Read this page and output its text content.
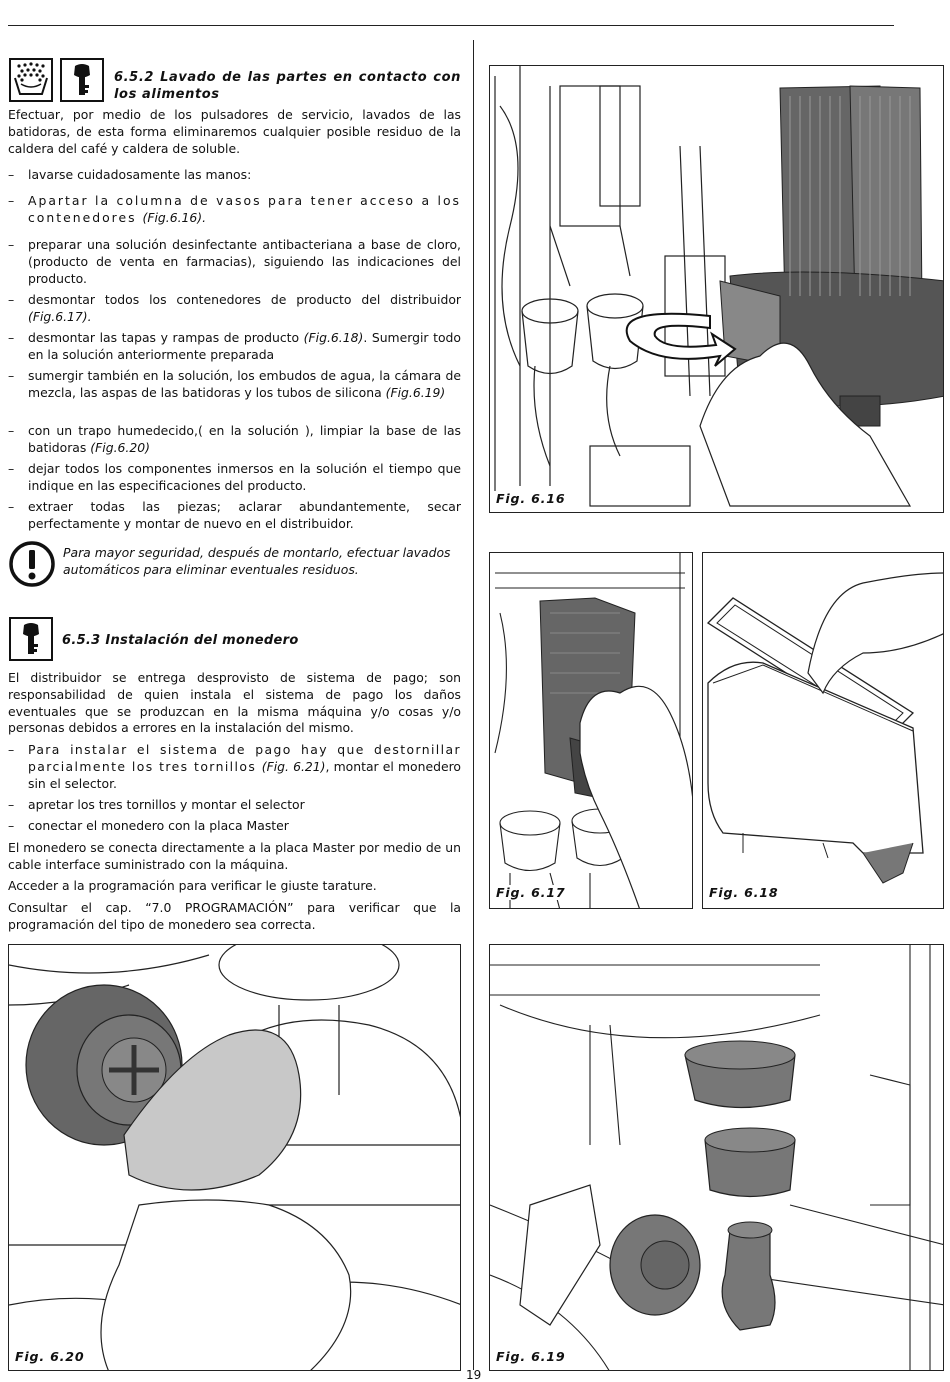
6.5.2 Lavado de las partes en contacto con los alimentos
Efectuar, por medio de los pulsadores de servicio, lavados de las batidoras, de esta forma eliminaremos cualquier posible residuo de la caldera del café y caldera de soluble.
– lavarse cuidadosamente las manos:
– Apartar la columna de vasos para tener acceso a los contenedores (Fig.6.16).
– preparar una solución desinfectante antibacteriana a base de cloro, (producto de venta en farmacias), siguiendo las indicaciones del producto.
– desmontar todos los contenedores de producto del distribuidor (Fig.6.17).
– desmontar las tapas y rampas de producto (Fig.6.18). Sumergir todo en la solución anteriormente preparada
– sumergir también en la solución, los embudos de agua, la cámara de mezcla, las aspas de las batidoras y los tubos de silicona (Fig.6.19)
– con un trapo humedecido,( en la solución ), limpiar la base de las batidoras (Fig.6.20)
– dejar todos los componentes inmersos en la solución el tiempo que indique en las especificaciones del producto.
– extraer todas las piezas; aclarar abundantemente, secar perfectamente y montar de nuevo en el distribuidor.
Para mayor seguridad, después de montarlo, efectuar lavados automáticos para eliminar eventuales residuos.
6.5.3 Instalación del monedero
El distribuidor se entrega desprovisto de sistema de pago; son responsabilidad de quien instala el sistema de pago los daños eventuales que se produzcan en la misma máquina y/o cosas y/o personas debidos a errores en la instalación del mismo.
– Para instalar el sistema de pago hay que destornillar parcialmente los tres tornillos (Fig. 6.21), montar el monedero sin el selector.
– apretar los tres tornillos y montar el selector
– conectar el monedero con la placa Master
El monedero se conecta directamente a la placa Master por medio de un cable interface suministrado con la máquina.
Acceder a la programación para verificar le giuste tarature.
Consultar el cap. “7.0 PROGRAMACIÓN” para verificar que la programación del tipo de monedero sea correcta.
Fig. 6.16
Fig. 6.17	Fig. 6.18
Fig. 6.20	Fig. 6.19
19
